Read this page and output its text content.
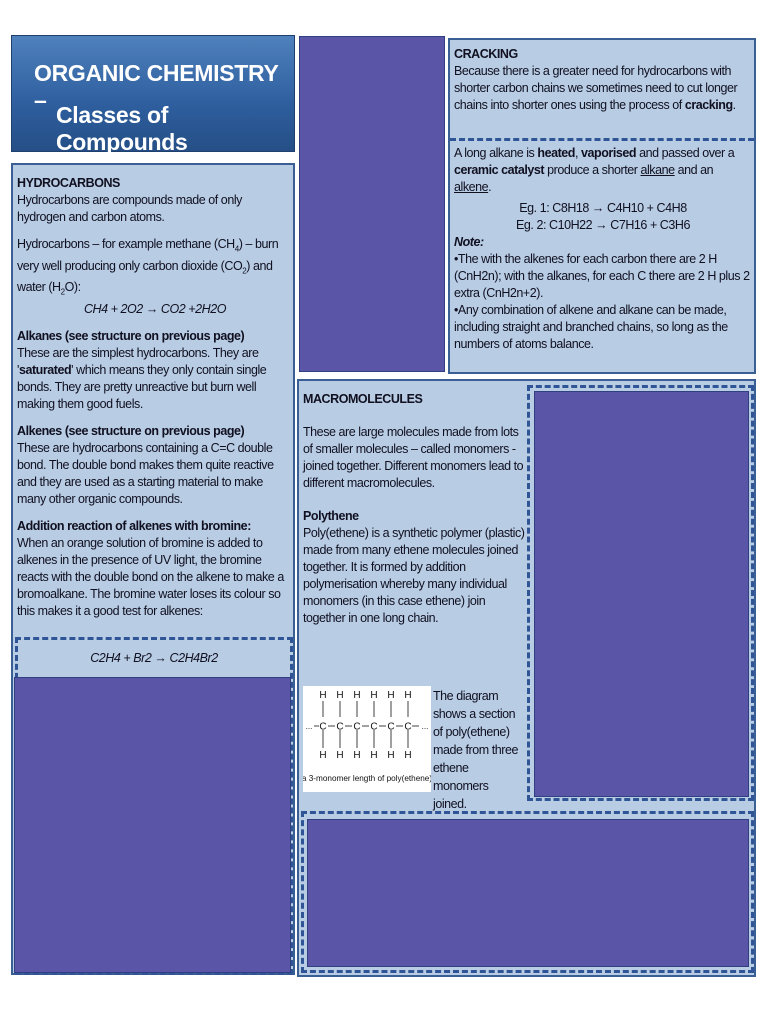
ORGANIC CHEMISTRY –
Classes of Compounds

CRACKING

Because there is a greater need for hydrocarbons with shorter carbon chains we sometimes need to cut longer chains into shorter ones using the process of cracking.

A long alkane is heated, vaporised and passed over a ceramic catalyst produce a shorter alkane and an alkene.

Eg. 1: C8H18 → C4H10 + C4H8

Eg. 2: C10H22 → C7H16 + C3H6

Note:

•The with the alkenes for each carbon there are 2 H (CnH2n); with the alkanes, for each C there are 2 H plus 2 extra (CnH2n+2).

•Any combination of alkene and alkane can be made, including straight and branched chains, so long as the numbers of atoms balance.

HYDROCARBONS

Hydrocarbons are compounds made of only hydrogen and carbon atoms.

Hydrocarbons – for example methane $(CH_4)$ – burn very well producing only carbon dioxide $(CO_2)$ and water $(H_2O)$:

CH4 + 2O2 → CO2 +2H2O

Alkanes (see structure on previous page)

These are the simplest hydrocarbons. They are 'saturated' which means they only contain single bonds. They are pretty unreactive but burn well making them good fuels.

Alkenes (see structure on previous page)

These are hydrocarbons containing a C=C double bond. The double bond makes them quite reactive and they are used as a starting material to make many other organic compounds.

Addition reaction of alkenes with bromine:

When an orange solution of bromine is added to alkenes in the presence of UV light, the bromine reacts with the double bond on the alkene to make a bromoalkane. The bromine water loses its colour so this makes it a good test for alkenes:

C2H4 + Br2 → C2H4Br2

MACROMOLECULES

These are large molecules made from lots of smaller molecules – called monomers - joined together. Different monomers lead to different macromolecules.

Polythene

Poly(ethene) is a synthetic polymer (plastic) made from many ethene molecules joined together. It is formed by addition polymerisation whereby many individual monomers (in this case ethene) join together in one long chain.

...	...
C
H
H
C
H
H
C
H
H
C
H
H
C
H
H
C
H
H
a 3-monomer length of poly(ethene)
The diagram shows a section of poly(ethene) made from three ethene monomers joined.
